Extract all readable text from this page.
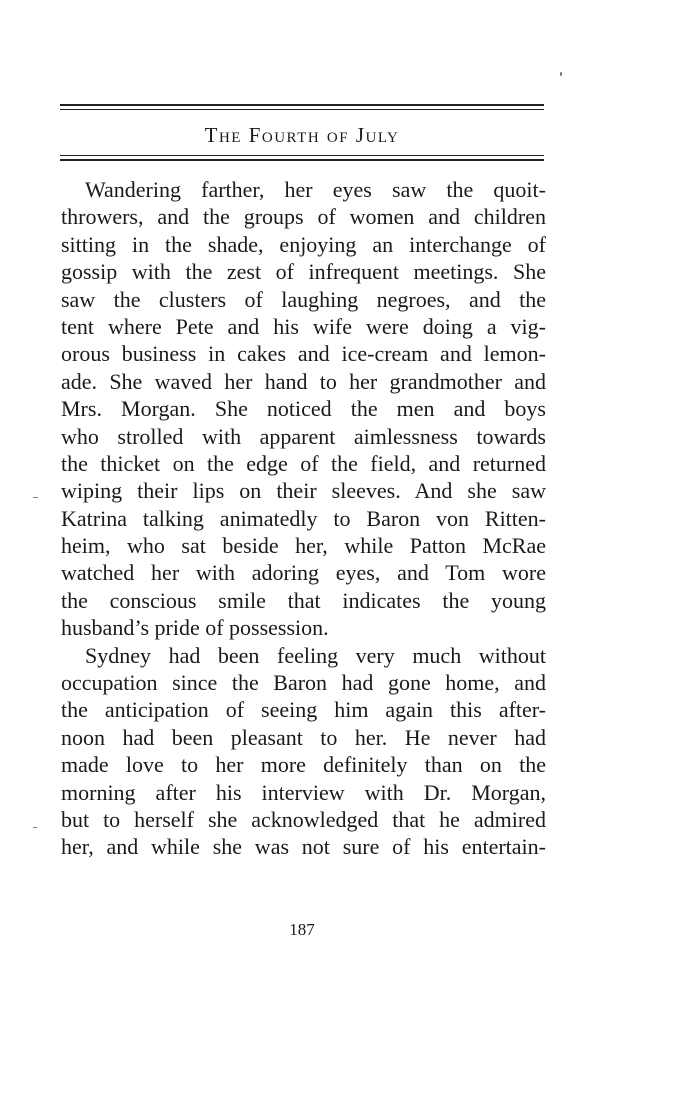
The Fourth of July
Wandering farther, her eyes saw the quoit-
throwers, and the groups of women and children
sitting in the shade, enjoying an interchange of
gossip with the zest of infrequent meetings. She
saw the clusters of laughing negroes, and the
tent where Pete and his wife were doing a vig-
orous business in cakes and ice-cream and lemon-
ade. She waved her hand to her grandmother and
Mrs. Morgan. She noticed the men and boys
who strolled with apparent aimlessness towards
the thicket on the edge of the field, and returned
wiping their lips on their sleeves. And she saw
Katrina talking animatedly to Baron von Ritten-
heim, who sat beside her, while Patton McRae
watched her with adoring eyes, and Tom wore
the conscious smile that indicates the young
husband’s pride of possession.
Sydney had been feeling very much without
occupation since the Baron had gone home, and
the anticipation of seeing him again this after-
noon had been pleasant to her. He never had
made love to her more definitely than on the
morning after his interview with Dr. Morgan,
but to herself she acknowledged that he admired
her, and while she was not sure of his entertain-
187
